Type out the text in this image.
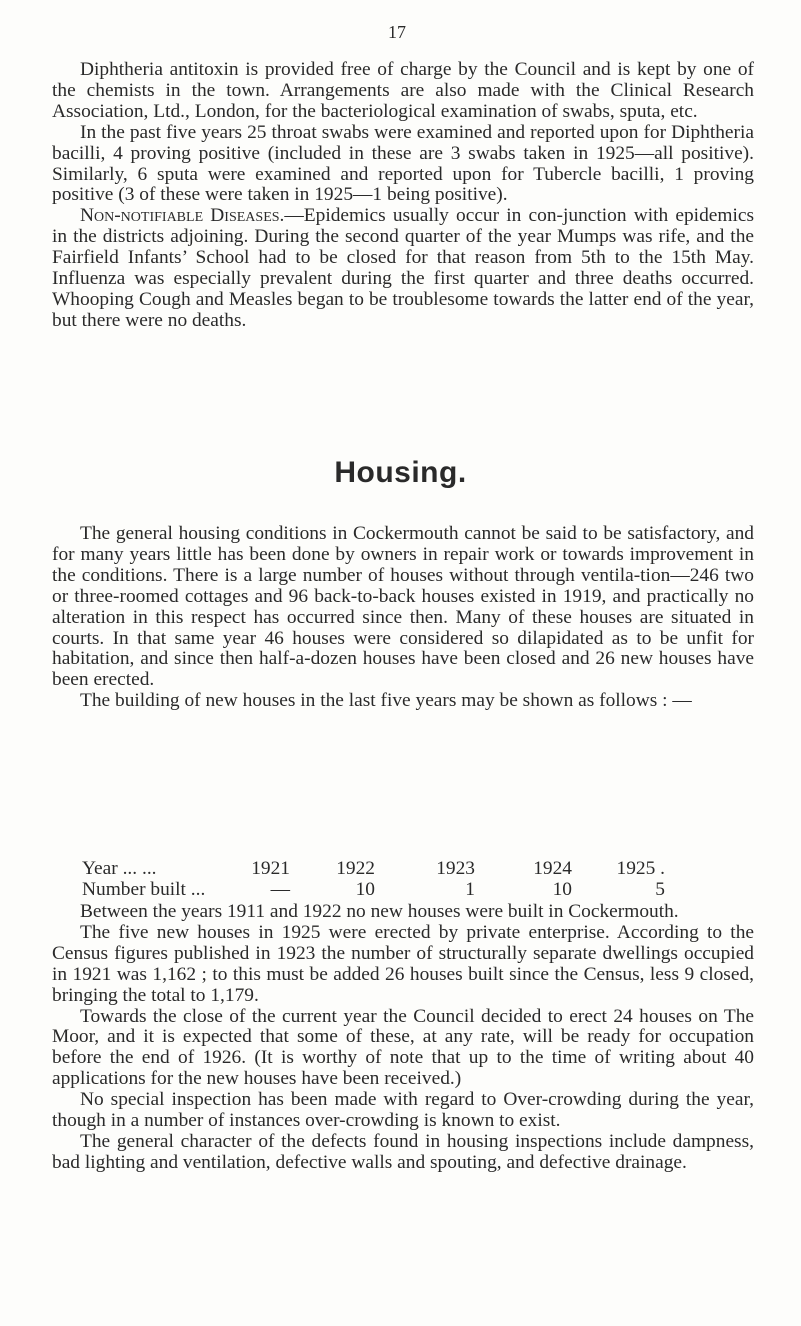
17

Diphtheria antitoxin is provided free of charge by the Council and is kept by one of the chemists in the town. Arrangements are also made with the Clinical Research Association, Ltd., London, for the bacteriological examination of swabs, sputa, etc.

In the past five years 25 throat swabs were examined and reported upon for Diphtheria bacilli, 4 proving positive (included in these are 3 swabs taken in 1925—all positive). Similarly, 6 sputa were examined and reported upon for Tubercle bacilli, 1 proving positive (3 of these were taken in 1925—1 being positive).

Non-notifiable Diseases.—Epidemics usually occur in con-junction with epidemics in the districts adjoining. During the second quarter of the year Mumps was rife, and the Fairfield Infants’ School had to be closed for that reason from 5th to the 15th May. Influenza was especially prevalent during the first quarter and three deaths occurred. Whooping Cough and Measles began to be troublesome towards the latter end of the year, but there were no deaths.

Housing.

The general housing conditions in Cockermouth cannot be said to be satisfactory, and for many years little has been done by owners in repair work or towards improvement in the conditions. There is a large number of houses without through ventila-tion—246 two or three-roomed cottages and 96 back-to-back houses existed in 1919, and practically no alteration in this respect has occurred since then. Many of these houses are situated in courts. In that same year 46 houses were considered so dilapidated as to be unfit for habitation, and since then half-a-dozen houses have been closed and 26 new houses have been erected.

The building of new houses in the last five years may be shown as follows : —

Year ... ...	1921	1922	1923	1924	1925 .
Number built ...	—	10	1	10	5

Between the years 1911 and 1922 no new houses were built in Cockermouth.

The five new houses in 1925 were erected by private enterprise. According to the Census figures published in 1923 the number of structurally separate dwellings occupied in 1921 was 1,162 ; to this must be added 26 houses built since the Census, less 9 closed, bringing the total to 1,179.

Towards the close of the current year the Council decided to erect 24 houses on The Moor, and it is expected that some of these, at any rate, will be ready for occupation before the end of 1926. (It is worthy of note that up to the time of writing about 40 applications for the new houses have been received.)

No special inspection has been made with regard to Over-crowding during the year, though in a number of instances over-crowding is known to exist.

The general character of the defects found in housing inspections include dampness, bad lighting and ventilation, defective walls and spouting, and defective drainage.
